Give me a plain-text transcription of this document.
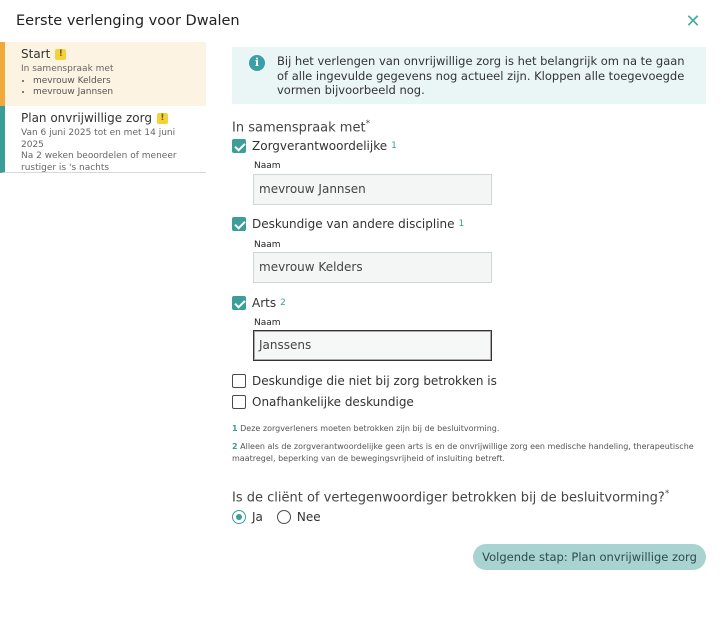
Eerste verlenging voor Dwalen	✕
Start !
In samenspraak met
• mevrouw Kelders
• mevrouw Jannsen
Plan onvrijwillige zorg !
Van 6 juni 2025 tot en met 14 juni 2025
Na 2 weken beoordelen of meneer rustiger is 's nachts
i	Bij het verlengen van onvrijwillige zorg is het belangrijk om na te gaan of alle ingevulde gegevens nog actueel zijn. Kloppen alle toegevoegde vormen bijvoorbeeld nog.
In samenspraak met*
Zorgverantwoordelijke 1
Naam
mevrouw Jannsen
Deskundige van andere discipline 1
Naam
mevrouw Kelders
Arts 2
Naam
Janssens
Deskundige die niet bij zorg betrokken is
Onafhankelijke deskundige
1 Deze zorgverleners moeten betrokken zijn bij de besluitvorming.
2 Alleen als de zorgverantwoordelijke geen arts is en de onvrijwillige zorg een medische handeling, therapeutische maatregel, beperking van de bewegingsvrijheid of insluiting betreft.
Is de cliënt of vertegenwoordiger betrokken bij de besluitvorming?*
Ja	Nee
Volgende stap: Plan onvrijwillige zorg
